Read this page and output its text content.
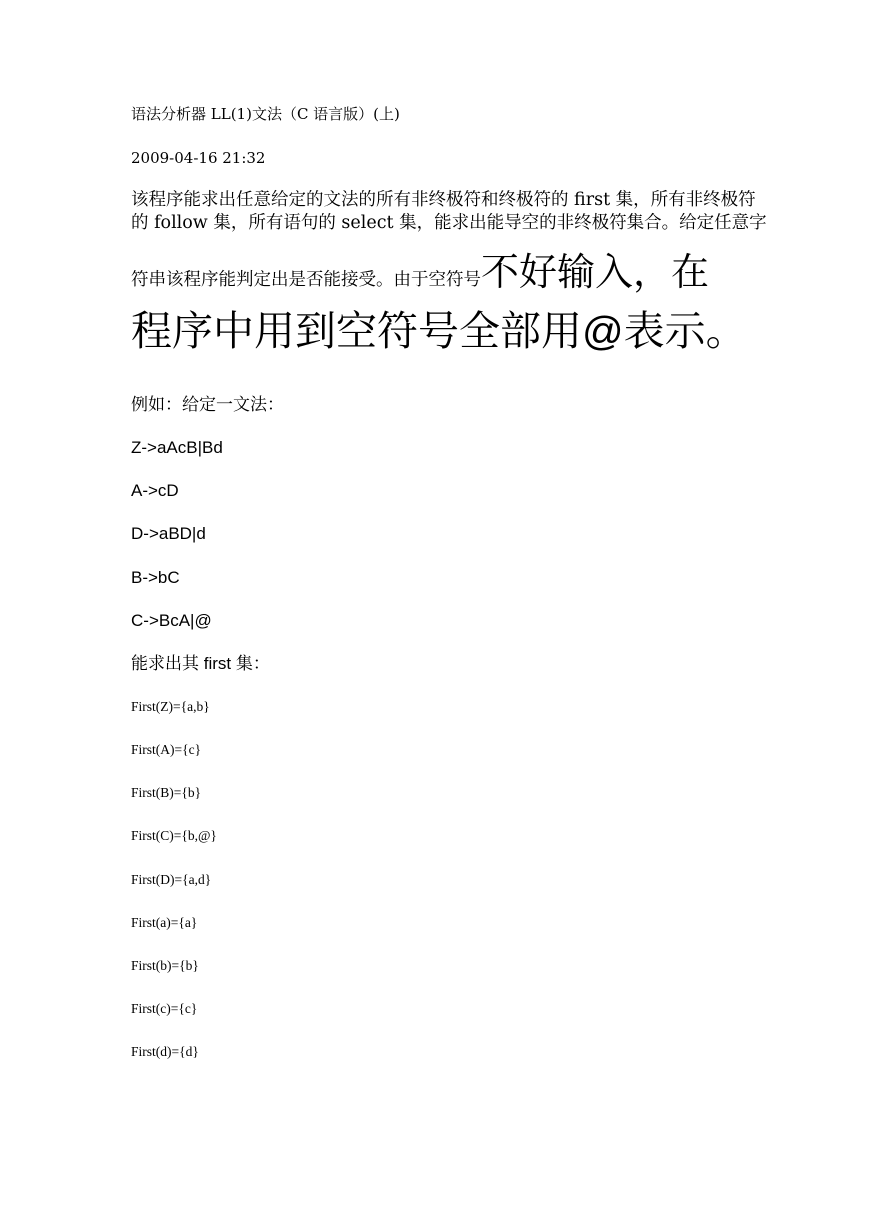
语法分析器 LL(1)文法（C 语言版）(上)

2009-04-16 21:32

该程序能求出任意给定的文法的所有非终极符和终极符的 first 集，所有非终极符

的 follow 集，所有语句的 select 集，能求出能导空的非终极符集合。给定任意字

符串该程序能判定出是否能接受。由于空符号不好输入，在

程序中用到空符号全部用@表示。

例如：给定一文法：

Z->aAcB|Bd

A->cD

D->aBD|d

B->bC

C->BcA|@

能求出其 first 集：

First(Z)={a,b}

First(A)={c}

First(B)={b}

First(C)={b,@}

First(D)={a,d}

First(a)={a}

First(b)={b}

First(c)={c}

First(d)={d}
